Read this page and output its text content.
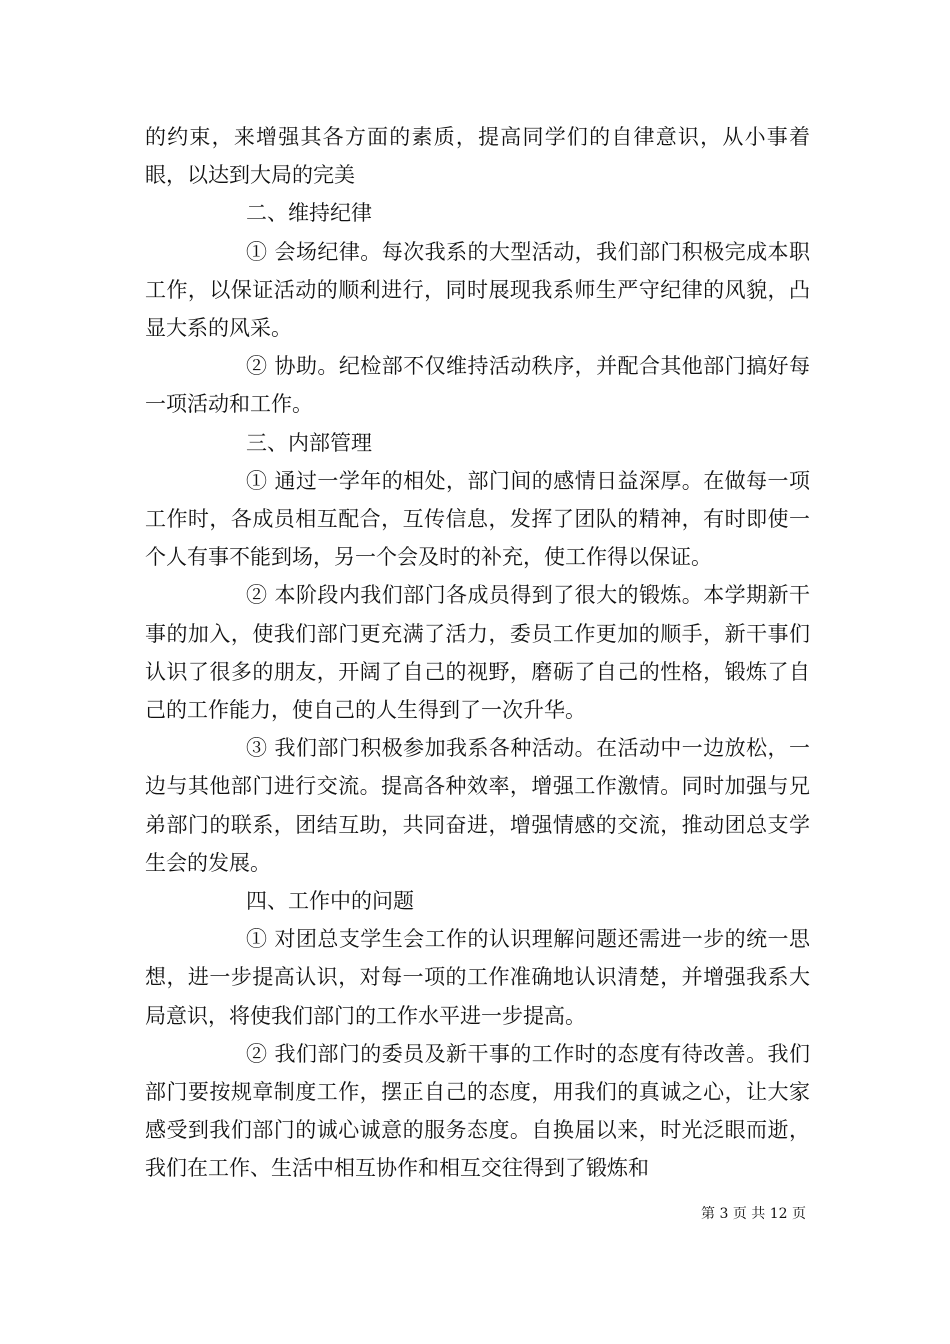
的约束，来增强其各方面的素质，提高同学们的自律意识，从小事着眼，以达到大局的完美

二、维持纪律

① 会场纪律。每次我系的大型活动，我们部门积极完成本职工作，以保证活动的顺利进行，同时展现我系师生严守纪律的风貌，凸显大系的风采。

② 协助。纪检部不仅维持活动秩序，并配合其他部门搞好每一项活动和工作。

三、内部管理

① 通过一学年的相处，部门间的感情日益深厚。在做每一项工作时，各成员相互配合，互传信息，发挥了团队的精神，有时即使一个人有事不能到场，另一个会及时的补充，使工作得以保证。

② 本阶段内我们部门各成员得到了很大的锻炼。本学期新干事的加入，使我们部门更充满了活力，委员工作更加的顺手，新干事们认识了很多的朋友，开阔了自己的视野，磨砺了自己的性格，锻炼了自己的工作能力，使自己的人生得到了一次升华。

③ 我们部门积极参加我系各种活动。在活动中一边放松，一边与其他部门进行交流。提高各种效率，增强工作激情。同时加强与兄弟部门的联系，团结互助，共同奋进，增强情感的交流，推动团总支学生会的发展。

四、工作中的问题

① 对团总支学生会工作的认识理解问题还需进一步的统一思想，进一步提高认识，对每一项的工作准确地认识清楚，并增强我系大局意识，将使我们部门的工作水平进一步提高。

② 我们部门的委员及新干事的工作时的态度有待改善。我们部门要按规章制度工作，摆正自己的态度，用我们的真诚之心，让大家感受到我们部门的诚心诚意的服务态度。自换届以来，时光泛眼而逝，我们在工作、生活中相互协作和相互交往得到了锻炼和

第 3 页 共 12 页
